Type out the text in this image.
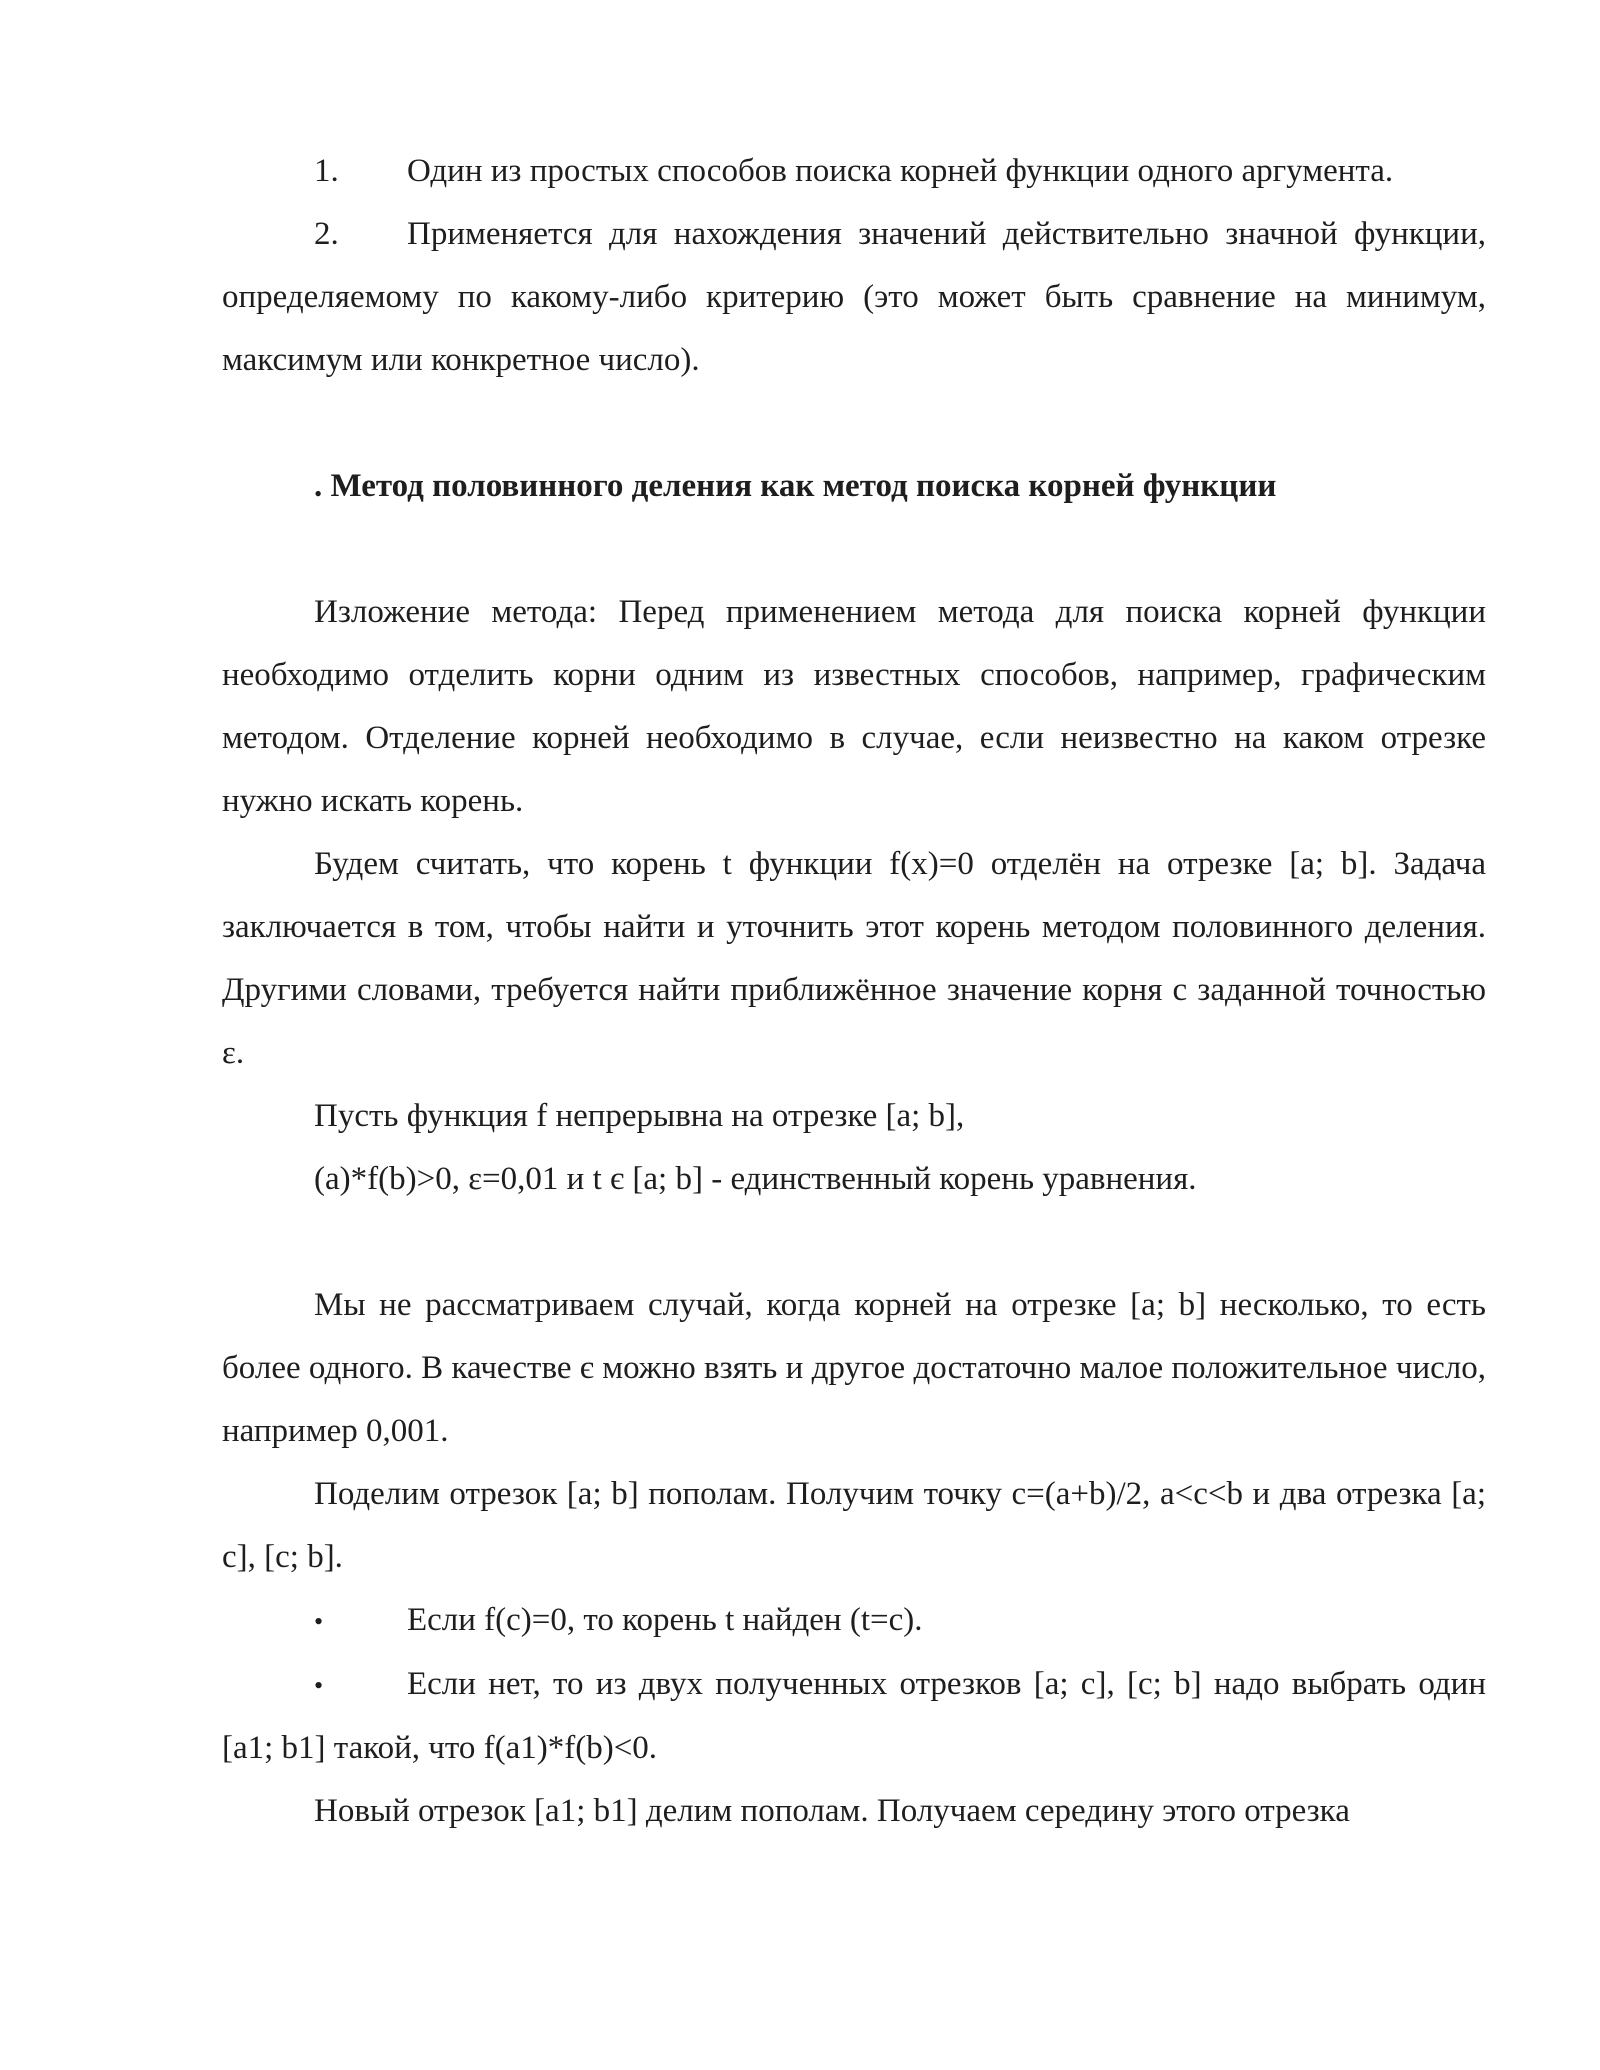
1. Один из простых способов поиска корней функции одного аргумента.

2. Применяется для нахождения значений действительно значной функции, определяемому по какому-либо критерию (это может быть сравнение на минимум, максимум или конкретное число).

. Метод половинного деления как метод поиска корней функции

Изложение метода: Перед применением метода для поиска корней функции необходимо отделить корни одним из известных способов, например, графическим методом. Отделение корней необходимо в случае, если неизвестно на каком отрезке нужно искать корень.

Будем считать, что корень t функции f(x)=0 отделён на отрезке [a; b]. Задача заключается в том, чтобы найти и уточнить этот корень методом половинного деления. Другими словами, требуется найти приближённое значение корня с заданной точностью ε.

Пусть функция f непрерывна на отрезке [a; b],

(a)*f(b)>0, ε=0,01 и t є [a; b] - единственный корень уравнения.

Мы не рассматриваем случай, когда корней на отрезке [a; b] несколько, то есть более одного. В качестве є можно взять и другое достаточно малое положительное число, например 0,001.

Поделим отрезок [a; b] пополам. Получим точку c=(a+b)/2, a<c<b и два отрезка [a; c], [c; b].

•	Если f(c)=0, то корень t найден (t=c).

•	Если нет, то из двух полученных отрезков [a; c], [c; b] надо выбрать один [a1; b1] такой, что f(a1)*f(b)<0.

Новый отрезок [a1; b1] делим пополам. Получаем середину этого отрезка
